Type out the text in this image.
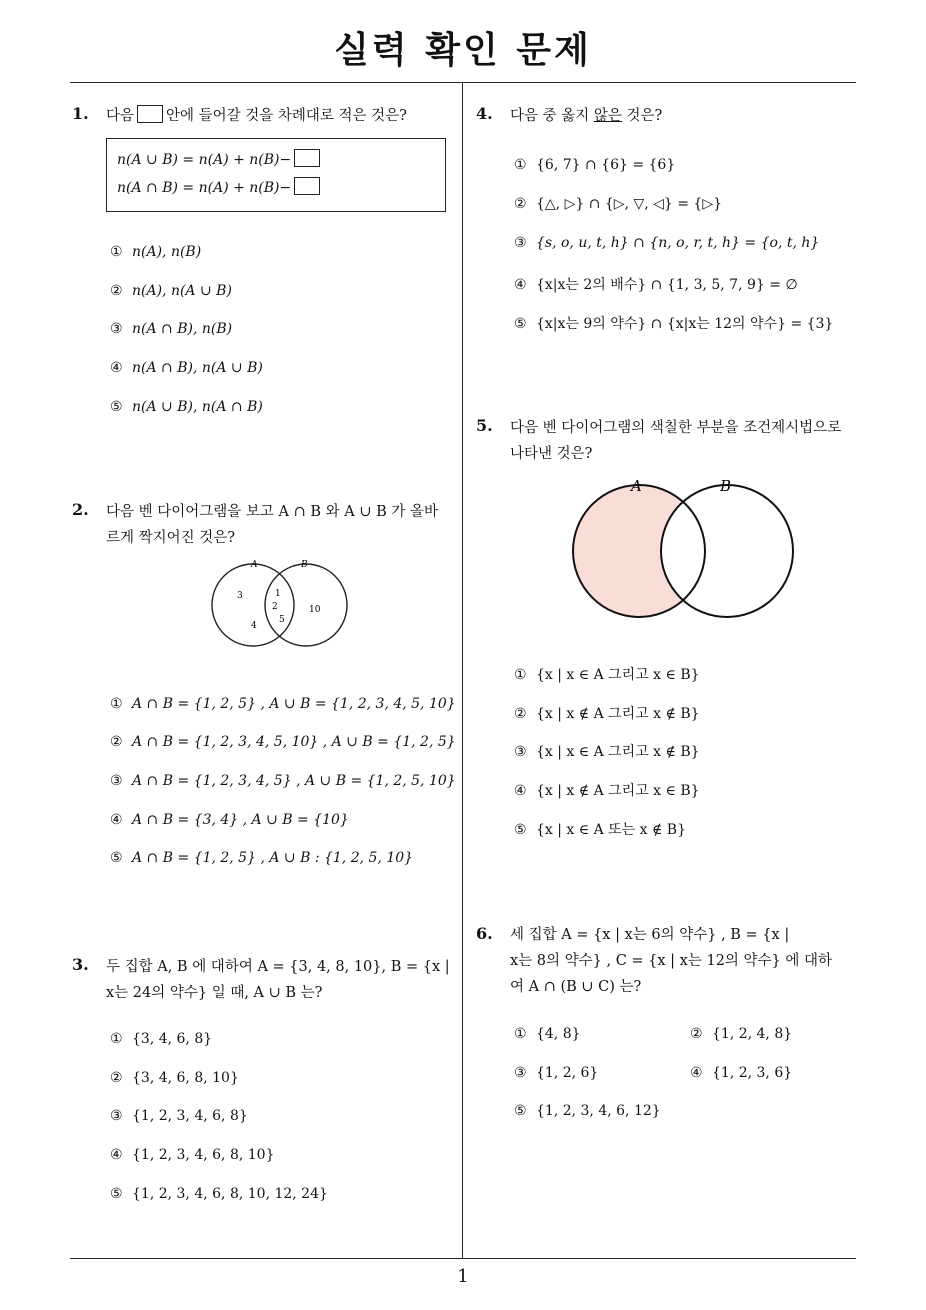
실력 확인 문제
1
1. 다음 안에 들어갈 것을 차례대로 적은 것은?
n(A ∪ B) = n(A) + n(B)−
n(A ∩ B) = n(A) + n(B)−
① n(A), n(B)
② n(A), n(A ∪ B)
③ n(A ∩ B), n(B)
④ n(A ∩ B), n(A ∪ B)
⑤ n(A ∪ B), n(A ∩ B)
2. 다음 벤 다이어그램을 보고 A ∩ B 와 A ∪ B 가 올바
르게 짝지어진 것은?
A	B
3
4
1
2
5
10
① A ∩ B = {1, 2, 5} , A ∪ B = {1, 2, 3, 4, 5, 10}
② A ∩ B = {1, 2, 3, 4, 5, 10} , A ∪ B = {1, 2, 5}
③ A ∩ B = {1, 2, 3, 4, 5} , A ∪ B = {1, 2, 5, 10}
④ A ∩ B = {3, 4} , A ∪ B = {10}
⑤ A ∩ B = {1, 2, 5} , A ∪ B : {1, 2, 5, 10}
3. 두 집합 A, B 에 대하여 A = {3, 4, 8, 10}, B = {x |
x는 24의 약수} 일 때, A ∪ B 는?
① {3, 4, 6, 8}
② {3, 4, 6, 8, 10}
③ {1, 2, 3, 4, 6, 8}
④ {1, 2, 3, 4, 6, 8, 10}
⑤ {1, 2, 3, 4, 6, 8, 10, 12, 24}
4. 다음 중 옳지 않은 것은?
① {6, 7} ∩ {6} = {6}
② {△, ▷} ∩ {▷, ▽, ◁} = {▷}
③ {s, o, u, t, h} ∩ {n, o, r, t, h} = {o, t, h}
④ {x|x는 2의 배수} ∩ {1, 3, 5, 7, 9} = ∅
⑤ {x|x는 9의 약수} ∩ {x|x는 12의 약수} = {3}
5. 다음 벤 다이어그램의 색칠한 부분을 조건제시법으로
나타낸 것은?
A	B
① {x | x ∈ A 그리고 x ∈ B}
② {x | x ∉ A 그리고 x ∉ B}
③ {x | x ∈ A 그리고 x ∉ B}
④ {x | x ∉ A 그리고 x ∈ B}
⑤ {x | x ∈ A 또는 x ∉ B}
6. 세 집합 A = {x | x는 6의 약수} , B = {x |
x는 8의 약수} , C = {x | x는 12의 약수} 에 대하
여 A ∩ (B ∪ C) 는?
① {4, 8}	② {1, 2, 4, 8}
③ {1, 2, 6}	④ {1, 2, 3, 6}
⑤ {1, 2, 3, 4, 6, 12}
